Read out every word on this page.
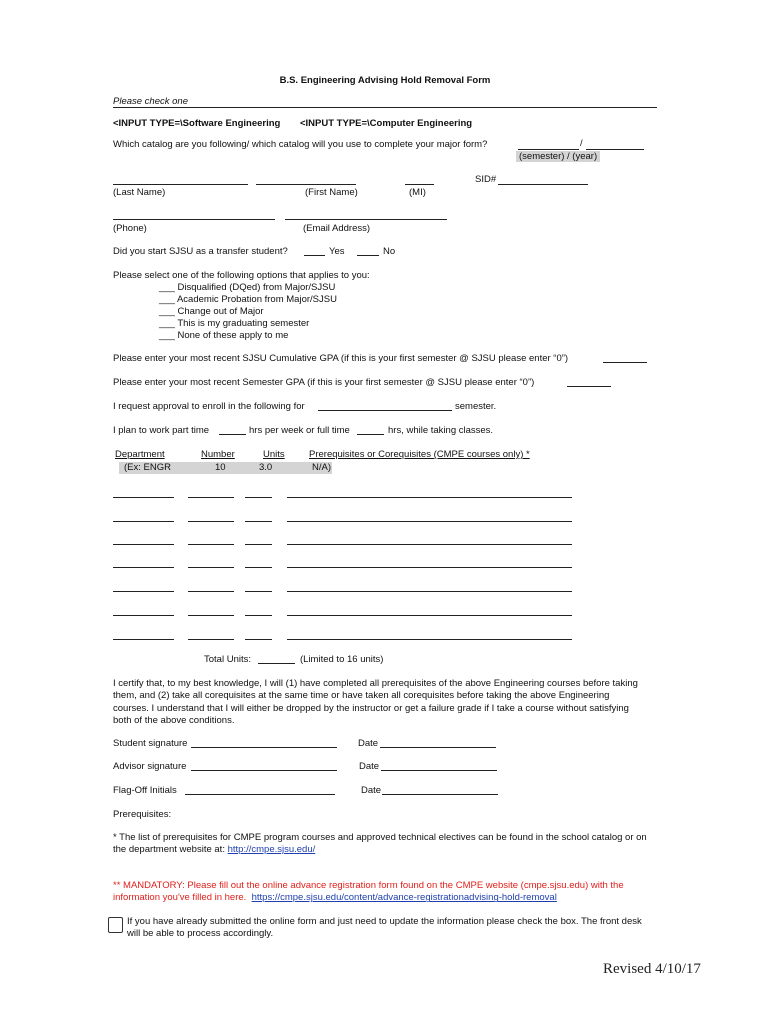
B.S. Engineering Advising Hold Removal Form
Please check one
<INPUT TYPE=\Software Engineering <INPUT TYPE=\Computer Engineering
Which catalog are you following/ which catalog will you use to complete your major form?	/
(semester) / (year)
SID#
(Last Name)	(First Name)	(MI)
(Phone)	(Email Address)
Did you start SJSU as a transfer student?	Yes	No
Please select one of the following options that applies to you:
___ Disqualified (DQed) from Major/SJSU
___ Academic Probation from Major/SJSU
___ Change out of Major
___ This is my graduating semester
___ None of these apply to me
Please enter your most recent SJSU Cumulative GPA (if this is your first semester @ SJSU please enter “0”)
Please enter your most recent Semester GPA (if this is your first semester @ SJSU please enter “0”)
I request approval to enroll in the following for	semester.
I plan to work part time	hrs per week or full time	hrs, while taking classes.
Department	Number	Units	Prerequisites or Corequisites (CMPE courses only) *
(Ex: ENGR	10	3.0	N/A)
Total Units:	(Limited to 16 units)
I certify that, to my best knowledge, I will (1) have completed all prerequisites of the above Engineering courses before taking them, and (2) take all corequisites at the same time or have taken all corequisites before taking the above Engineering courses. I understand that I will either be dropped by the instructor or get a failure grade if I take a course without satisfying both of the above conditions.
Student signature	Date
Advisor signature	Date
Flag-Off Initials	Date
Prerequisites:
* The list of prerequisites for CMPE program courses and approved technical electives can be found in the school catalog or on the department website at: http://cmpe.sjsu.edu/
** MANDATORY: Please fill out the online advance registration form found on the CMPE website (cmpe.sjsu.edu) with the information you've filled in here. https://cmpe.sjsu.edu/content/advance-registrationadvising-hold-removal
If you have already submitted the online form and just need to update the information please check the box. The front desk will be able to process accordingly.
Revised 4/10/17
